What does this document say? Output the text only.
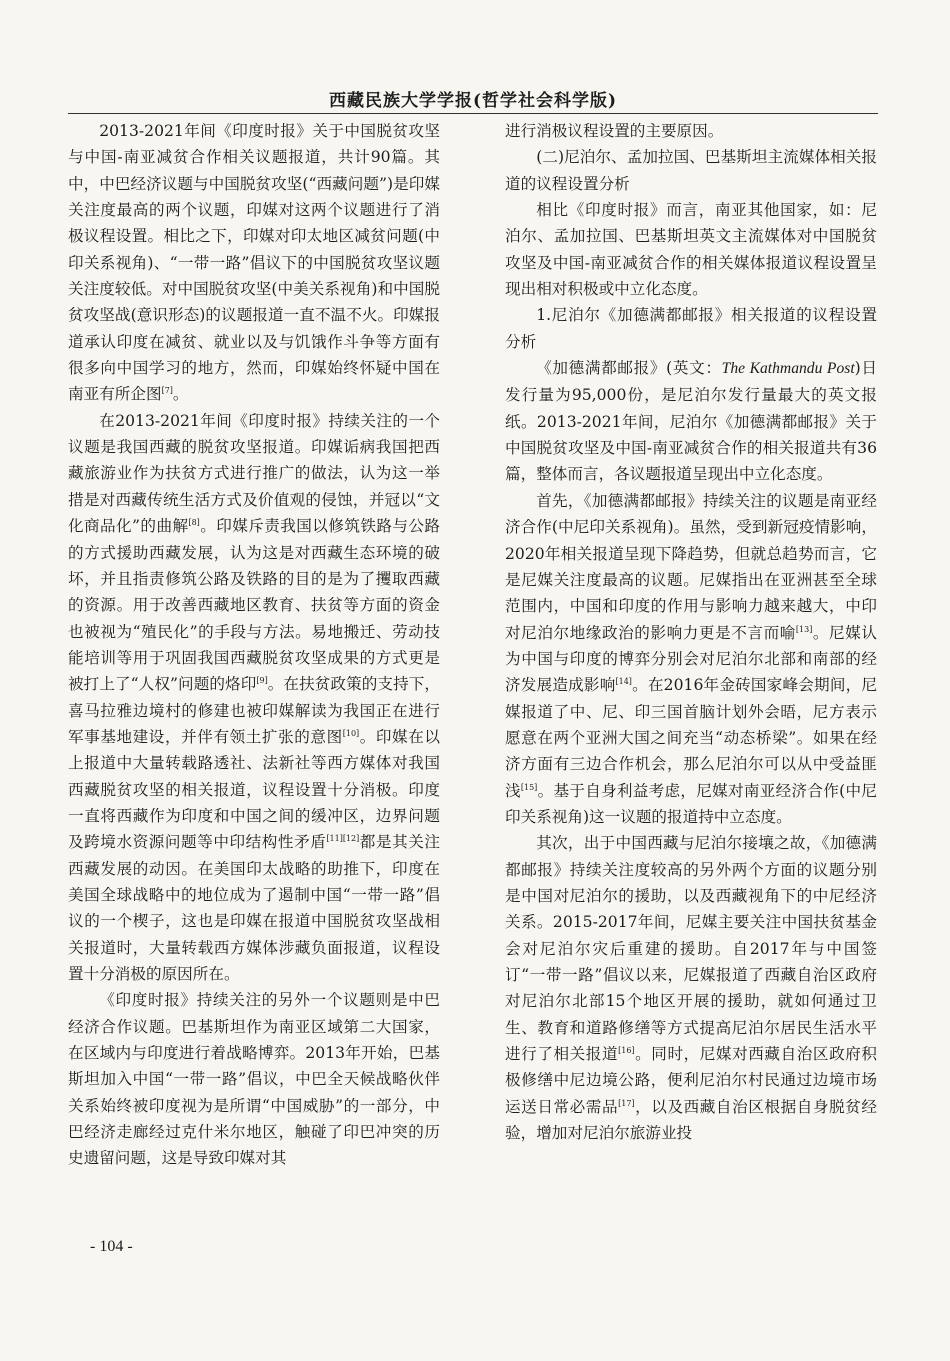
西藏民族大学学报(哲学社会科学版)

2013-2021年间《印度时报》关于中国脱贫攻坚与中国-南亚减贫合作相关议题报道，共计90篇。其中，中巴经济议题与中国脱贫攻坚(“西藏问题”)是印媒关注度最高的两个议题，印媒对这两个议题进行了消极议程设置。相比之下，印媒对印太地区减贫问题(中印关系视角)、“一带一路”倡议下的中国脱贫攻坚议题关注度较低。对中国脱贫攻坚(中美关系视角)和中国脱贫攻坚战(意识形态)的议题报道一直不温不火。印媒报道承认印度在减贫、就业以及与饥饿作斗争等方面有很多向中国学习的地方，然而，印媒始终怀疑中国在南亚有所企图[7]。

在2013-2021年间《印度时报》持续关注的一个议题是我国西藏的脱贫攻坚报道。印媒诟病我国把西藏旅游业作为扶贫方式进行推广的做法，认为这一举措是对西藏传统生活方式及价值观的侵蚀，并冠以“文化商品化”的曲解[8]。印媒斥责我国以修筑铁路与公路的方式援助西藏发展，认为这是对西藏生态环境的破坏，并且指责修筑公路及铁路的目的是为了攫取西藏的资源。用于改善西藏地区教育、扶贫等方面的资金也被视为“殖民化”的手段与方法。易地搬迁、劳动技能培训等用于巩固我国西藏脱贫攻坚成果的方式更是被打上了“人权”问题的烙印[9]。在扶贫政策的支持下，喜马拉雅边境村的修建也被印媒解读为我国正在进行军事基地建设，并伴有领土扩张的意图[10]。印媒在以上报道中大量转载路透社、法新社等西方媒体对我国西藏脱贫攻坚的相关报道，议程设置十分消极。印度一直将西藏作为印度和中国之间的缓冲区，边界问题及跨境水资源问题等中印结构性矛盾[11][12]都是其关注西藏发展的动因。在美国印太战略的助推下，印度在美国全球战略中的地位成为了遏制中国“一带一路”倡议的一个楔子，这也是印媒在报道中国脱贫攻坚战相关报道时，大量转载西方媒体涉藏负面报道，议程设置十分消极的原因所在。

《印度时报》持续关注的另外一个议题则是中巴经济合作议题。巴基斯坦作为南亚区域第二大国家，在区域内与印度进行着战略博弈。2013年开始，巴基斯坦加入中国“一带一路”倡议，中巴全天候战略伙伴关系始终被印度视为是所谓“中国威胁”的一部分，中巴经济走廊经过克什米尔地区，触碰了印巴冲突的历史遗留问题，这是导致印媒对其

进行消极议程设置的主要原因。

(二)尼泊尔、孟加拉国、巴基斯坦主流媒体相关报道的议程设置分析

相比《印度时报》而言，南亚其他国家，如：尼泊尔、孟加拉国、巴基斯坦英文主流媒体对中国脱贫攻坚及中国-南亚减贫合作的相关媒体报道议程设置呈现出相对积极或中立化态度。

1.尼泊尔《加德满都邮报》相关报道的议程设置分析

《加德满都邮报》(英文：The Kathmandu Post)日发行量为95,000份，是尼泊尔发行量最大的英文报纸。2013-2021年间，尼泊尔《加德满都邮报》关于中国脱贫攻坚及中国-南亚减贫合作的相关报道共有36篇，整体而言，各议题报道呈现出中立化态度。

首先，《加德满都邮报》持续关注的议题是南亚经济合作(中尼印关系视角)。虽然，受到新冠疫情影响，2020年相关报道呈现下降趋势，但就总趋势而言，它是尼媒关注度最高的议题。尼媒指出在亚洲甚至全球范围内，中国和印度的作用与影响力越来越大，中印对尼泊尔地缘政治的影响力更是不言而喻[13]。尼媒认为中国与印度的博弈分别会对尼泊尔北部和南部的经济发展造成影响[14]。在2016年金砖国家峰会期间，尼媒报道了中、尼、印三国首脑计划外会晤，尼方表示愿意在两个亚洲大国之间充当“动态桥梁”。如果在经济方面有三边合作机会，那么尼泊尔可以从中受益匪浅[15]。基于自身利益考虑，尼媒对南亚经济合作(中尼印关系视角)这一议题的报道持中立态度。

其次，出于中国西藏与尼泊尔接壤之故，《加德满都邮报》持续关注度较高的另外两个方面的议题分别是中国对尼泊尔的援助，以及西藏视角下的中尼经济关系。2015-2017年间，尼媒主要关注中国扶贫基金会对尼泊尔灾后重建的援助。自2017年与中国签订“一带一路”倡议以来，尼媒报道了西藏自治区政府对尼泊尔北部15个地区开展的援助，就如何通过卫生、教育和道路修缮等方式提高尼泊尔居民生活水平进行了相关报道[16]。同时，尼媒对西藏自治区政府积极修缮中尼边境公路，便利尼泊尔村民通过边境市场运送日常必需品[17]，以及西藏自治区根据自身脱贫经验，增加对尼泊尔旅游业投

- 104 -
